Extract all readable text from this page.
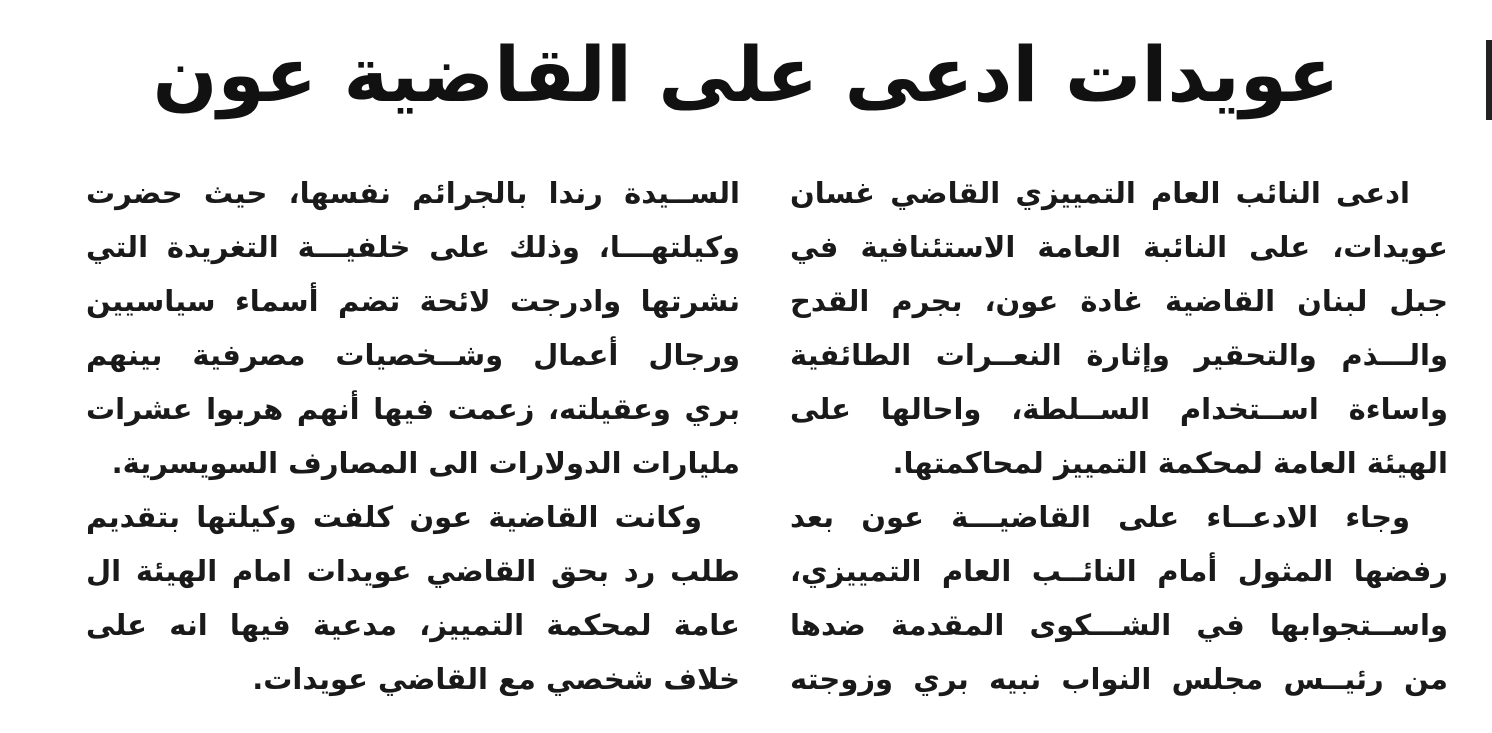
عويدات ادعى على القاضية عون
ادعى النائب العام التمييزي القاضي غسان
عويدات، على النائبة العامة الاستئنافية في
جبل لبنان القاضية غادة عون، بجرم القدح
والـــذم والتحقير وإثارة النعــرات الطائفية
واساءة اســتخدام الســلطة، واحالها على
الهيئة العامة لمحكمة التمييز لمحاكمتها.
وجاء الادعــاء على القاضيـــة عون بعد
رفضها المثول أمام النائــب العام التمييزي،
واســتجوابها في الشـــكوى المقدمة ضدها
من رئيــس مجلس النواب نبيه بري وزوجته
الســيدة رندا بالجرائم نفسها، حيث حضرت
وكيلتهـــا، وذلك على خلفيـــة التغريدة التي
نشرتها وادرجت لائحة تضم أسماء سياسيين
ورجال أعمال وشــخصيات مصرفية بينهم
بري وعقيلته، زعمت فيها أنهم هربوا عشرات
مليارات الدولارات الى المصارف السويسرية.
وكانت القاضية عون كلفت وكيلتها بتقديم
طلب رد بحق القاضي عويدات امام الهيئة ال
عامة لمحكمة التمييز، مدعية فيها انه على
خلاف شخصي مع القاضي عويدات.
